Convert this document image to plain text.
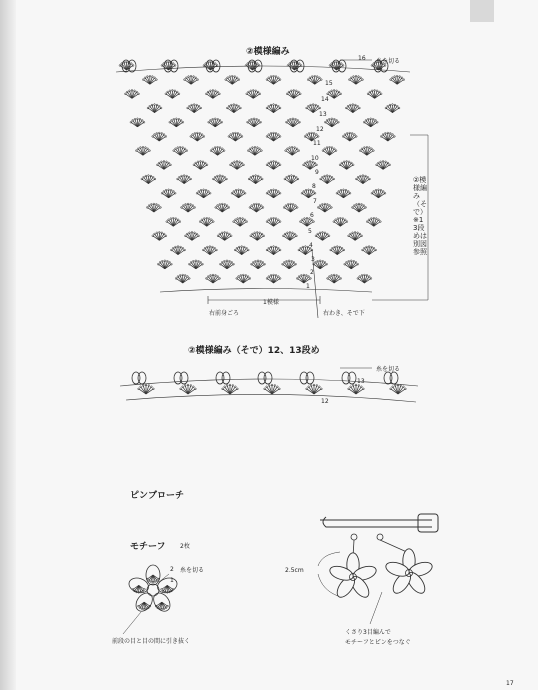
②模様編み
糸を切る
1模様
右前身ごろ	右わき、そで下
②模様編み（そで）※13段めは別図参照
16
15
14
13
12
11
10
9
8
7
6
5
4
3
2
1
②模様編み（そで）12、13段め
糸を切る
13
12
ピンブローチ
モチーフ 2枚
糸を切る
2
1
前段の目と目の間に引き抜く
2.5cm
くさり3目編んで
モチーフとピンをつなぐ
17
